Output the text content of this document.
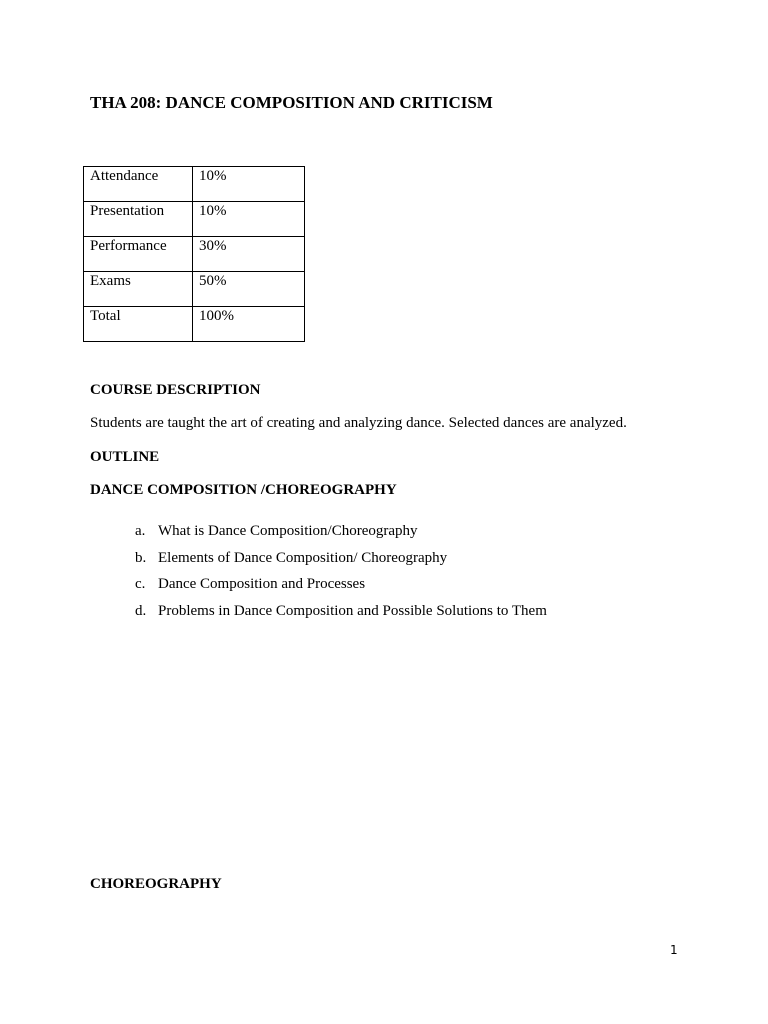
THA 208: DANCE COMPOSITION AND CRITICISM
Attendance	10%
Presentation	10%
Performance	30%
Exams	50%
Total	100%
COURSE DESCRIPTION
Students are taught the art of creating and analyzing dance. Selected dances are analyzed.
OUTLINE
DANCE COMPOSITION /CHOREOGRAPHY
a. What is Dance Composition/Choreography
b. Elements of Dance Composition/ Choreography
c. Dance Composition and Processes
d. Problems in Dance Composition and Possible Solutions to Them
CHOREOGRAPHY
1
